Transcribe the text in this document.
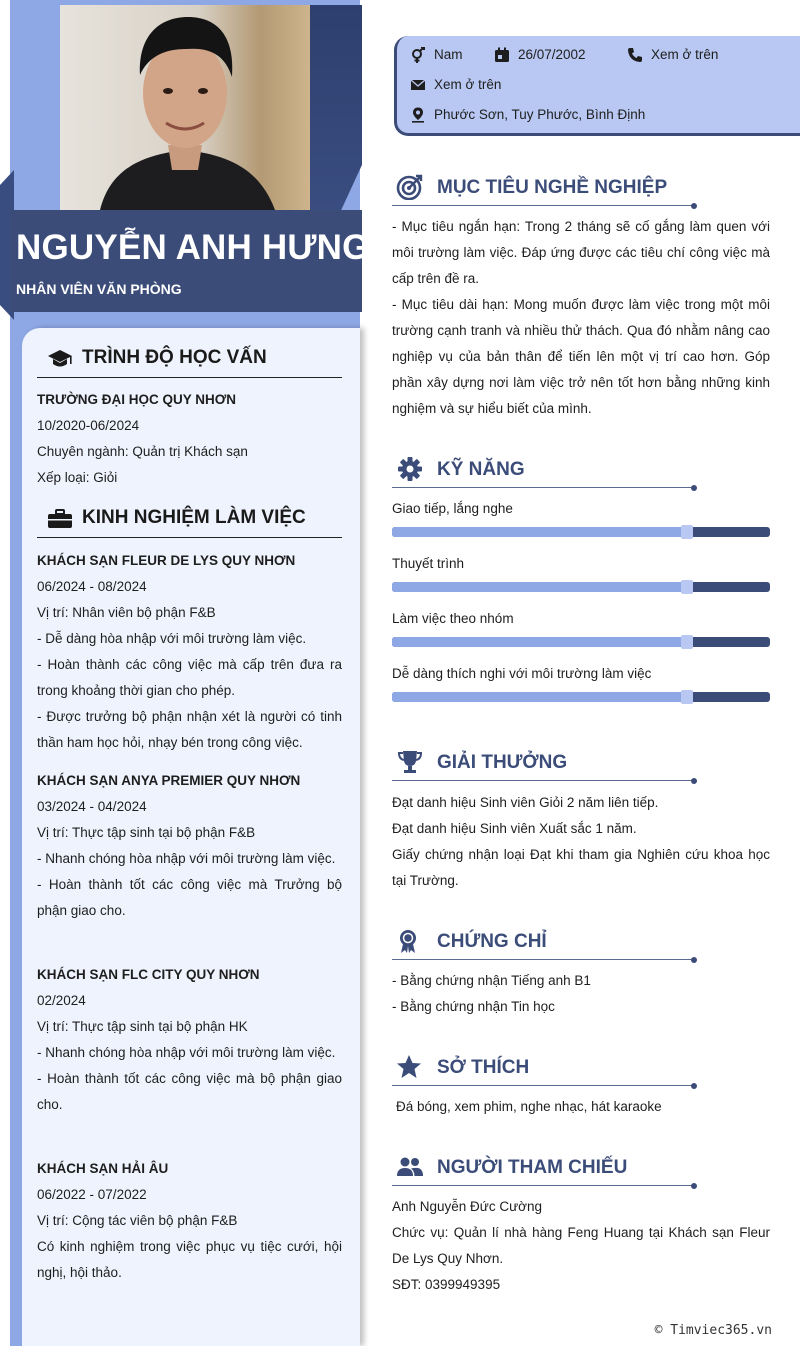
NGUYỄN ANH HƯNG
NHÂN VIÊN VĂN PHÒNG
TRÌNH ĐỘ HỌC VẤN
TRƯỜNG ĐẠI HỌC QUY NHƠN
10/2020-06/2024
Chuyên ngành: Quản trị Khách sạn
Xếp loại: Giỏi
KINH NGHIỆM LÀM VIỆC
KHÁCH SẠN FLEUR DE LYS QUY NHƠN
06/2024 - 08/2024
Vị trí: Nhân viên bộ phận F&B
- Dễ dàng hòa nhập với môi trường làm việc.
- Hoàn thành các công việc mà cấp trên đưa ra trong khoảng thời gian cho phép.
- Được trưởng bộ phận nhận xét là người có tinh thần ham học hỏi, nhạy bén trong công việc.
KHÁCH SẠN ANYA PREMIER QUY NHƠN
03/2024 - 04/2024
Vị trí: Thực tập sinh tại bộ phận F&B
- Nhanh chóng hòa nhập với môi trường làm việc.
- Hoàn thành tốt các công việc mà Trưởng bộ phận giao cho.
KHÁCH SẠN FLC CITY QUY NHƠN
02/2024
Vị trí: Thực tập sinh tại bộ phận HK
- Nhanh chóng hòa nhập với môi trường làm việc.
- Hoàn thành tốt các công việc mà bộ phận giao cho.
KHÁCH SẠN HẢI ÂU
06/2022 - 07/2022
Vị trí: Cộng tác viên bộ phận F&B
Có kinh nghiệm trong việc phục vụ tiệc cưới, hội nghị, hội thảo.
Nam	26/07/2002	Xem ở trên
Xem ở trên
Phước Sơn, Tuy Phước, Bình Định
MỤC TIÊU NGHỀ NGHIỆP
- Mục tiêu ngắn hạn: Trong 2 tháng sẽ cố gắng làm quen với môi trường làm việc. Đáp ứng được các tiêu chí công việc mà cấp trên đề ra.
- Mục tiêu dài hạn: Mong muốn được làm việc trong một môi trường cạnh tranh và nhiều thử thách. Qua đó nhằm nâng cao nghiệp vụ của bản thân để tiến lên một vị trí cao hơn. Góp phần xây dựng nơi làm việc trở nên tốt hơn bằng những kinh nghiệm và sự hiểu biết của mình.
KỸ NĂNG
Giao tiếp, lắng nghe
Thuyết trình
Làm việc theo nhóm
Dễ dàng thích nghi với môi trường làm việc
GIẢI THƯỞNG
Đạt danh hiệu Sinh viên Giỏi 2 năm liên tiếp.
Đạt danh hiệu Sinh viên Xuất sắc 1 năm.
Giấy chứng nhận loại Đạt khi tham gia Nghiên cứu khoa học tại Trường.
CHỨNG CHỈ
- Bằng chứng nhận Tiếng anh B1
- Bằng chứng nhận Tin học
SỞ THÍCH
Đá bóng, xem phim, nghe nhạc, hát karaoke
NGƯỜI THAM CHIẾU
Anh Nguyễn Đức Cường
Chức vụ: Quản lí nhà hàng Feng Huang tại Khách sạn Fleur De Lys Quy Nhơn.
SĐT: 0399949395
© Timviec365.vn
